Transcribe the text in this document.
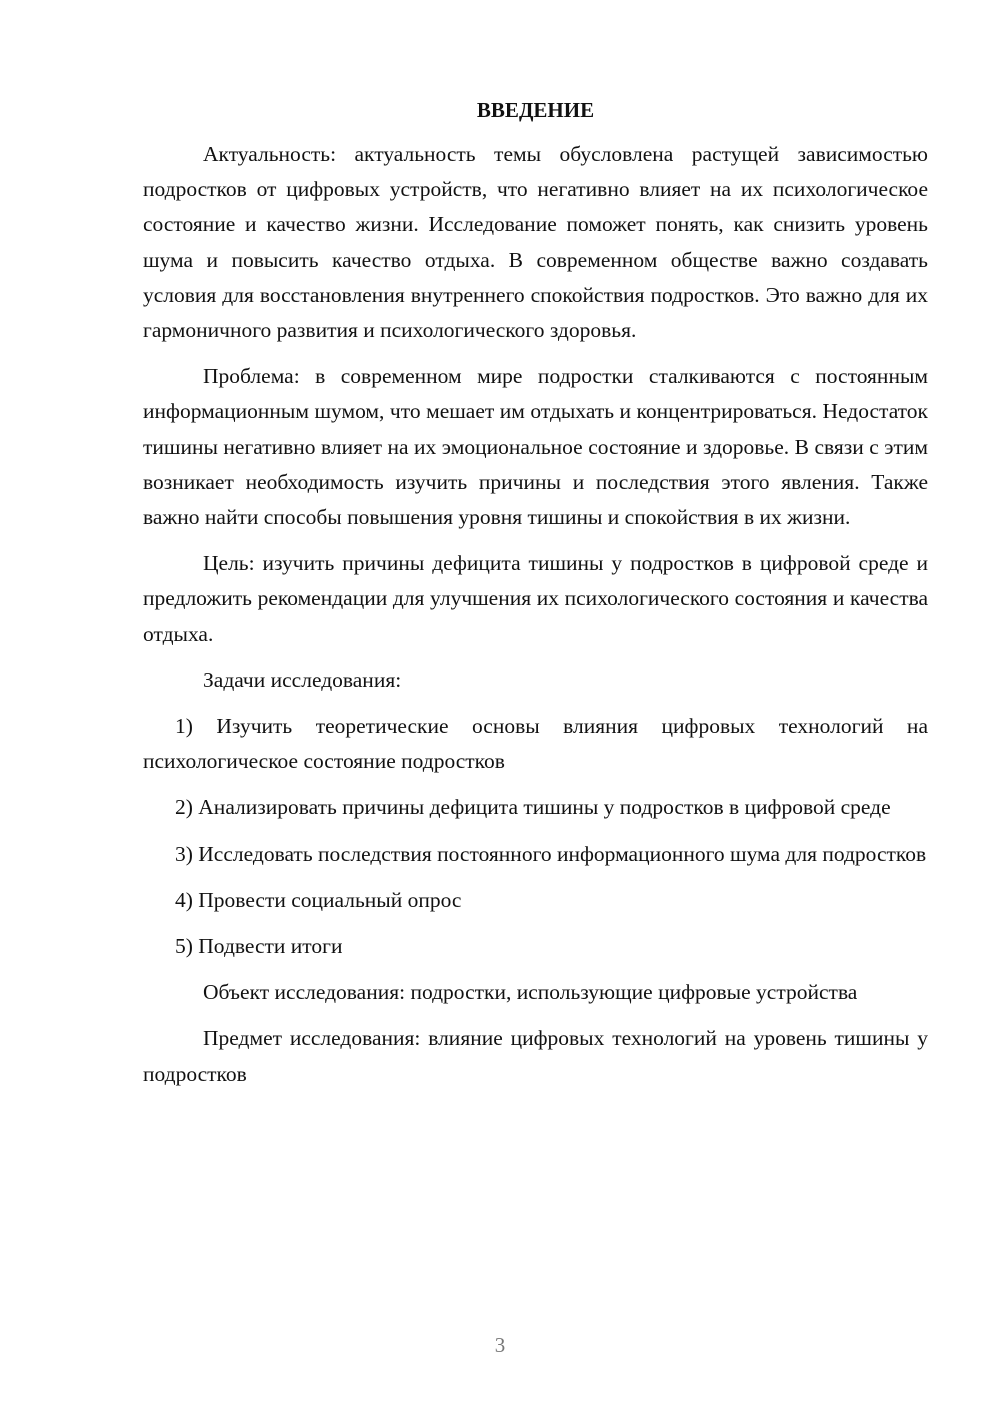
ВВЕДЕНИЕ

Актуальность: актуальность темы обусловлена растущей зависимостью подростков от цифровых устройств, что негативно влияет на их психологическое состояние и качество жизни. Исследование поможет понять, как снизить уровень шума и повысить качество отдыха. В современном обществе важно создавать условия для восстановления внутреннего спокойствия подростков. Это важно для их гармоничного развития и психологического здоровья.

Проблема: в современном мире подростки сталкиваются с постоянным информационным шумом, что мешает им отдыхать и концентрироваться. Недостаток тишины негативно влияет на их эмоциональное состояние и здоровье. В связи с этим возникает необходимость изучить причины и последствия этого явления. Также важно найти способы повышения уровня тишины и спокойствия в их жизни.

Цель: изучить причины дефицита тишины у подростков в цифровой среде и предложить рекомендации для улучшения их психологического состояния и качества отдыха.

Задачи исследования:

1) Изучить теоретические основы влияния цифровых технологий на психологическое состояние подростков

2) Анализировать причины дефицита тишины у подростков в цифровой среде

3) Исследовать последствия постоянного информационного шума для подростков

4) Провести социальный опрос

5) Подвести итоги

Объект исследования: подростки, использующие цифровые устройства

Предмет исследования: влияние цифровых технологий на уровень тишины у подростков

3
